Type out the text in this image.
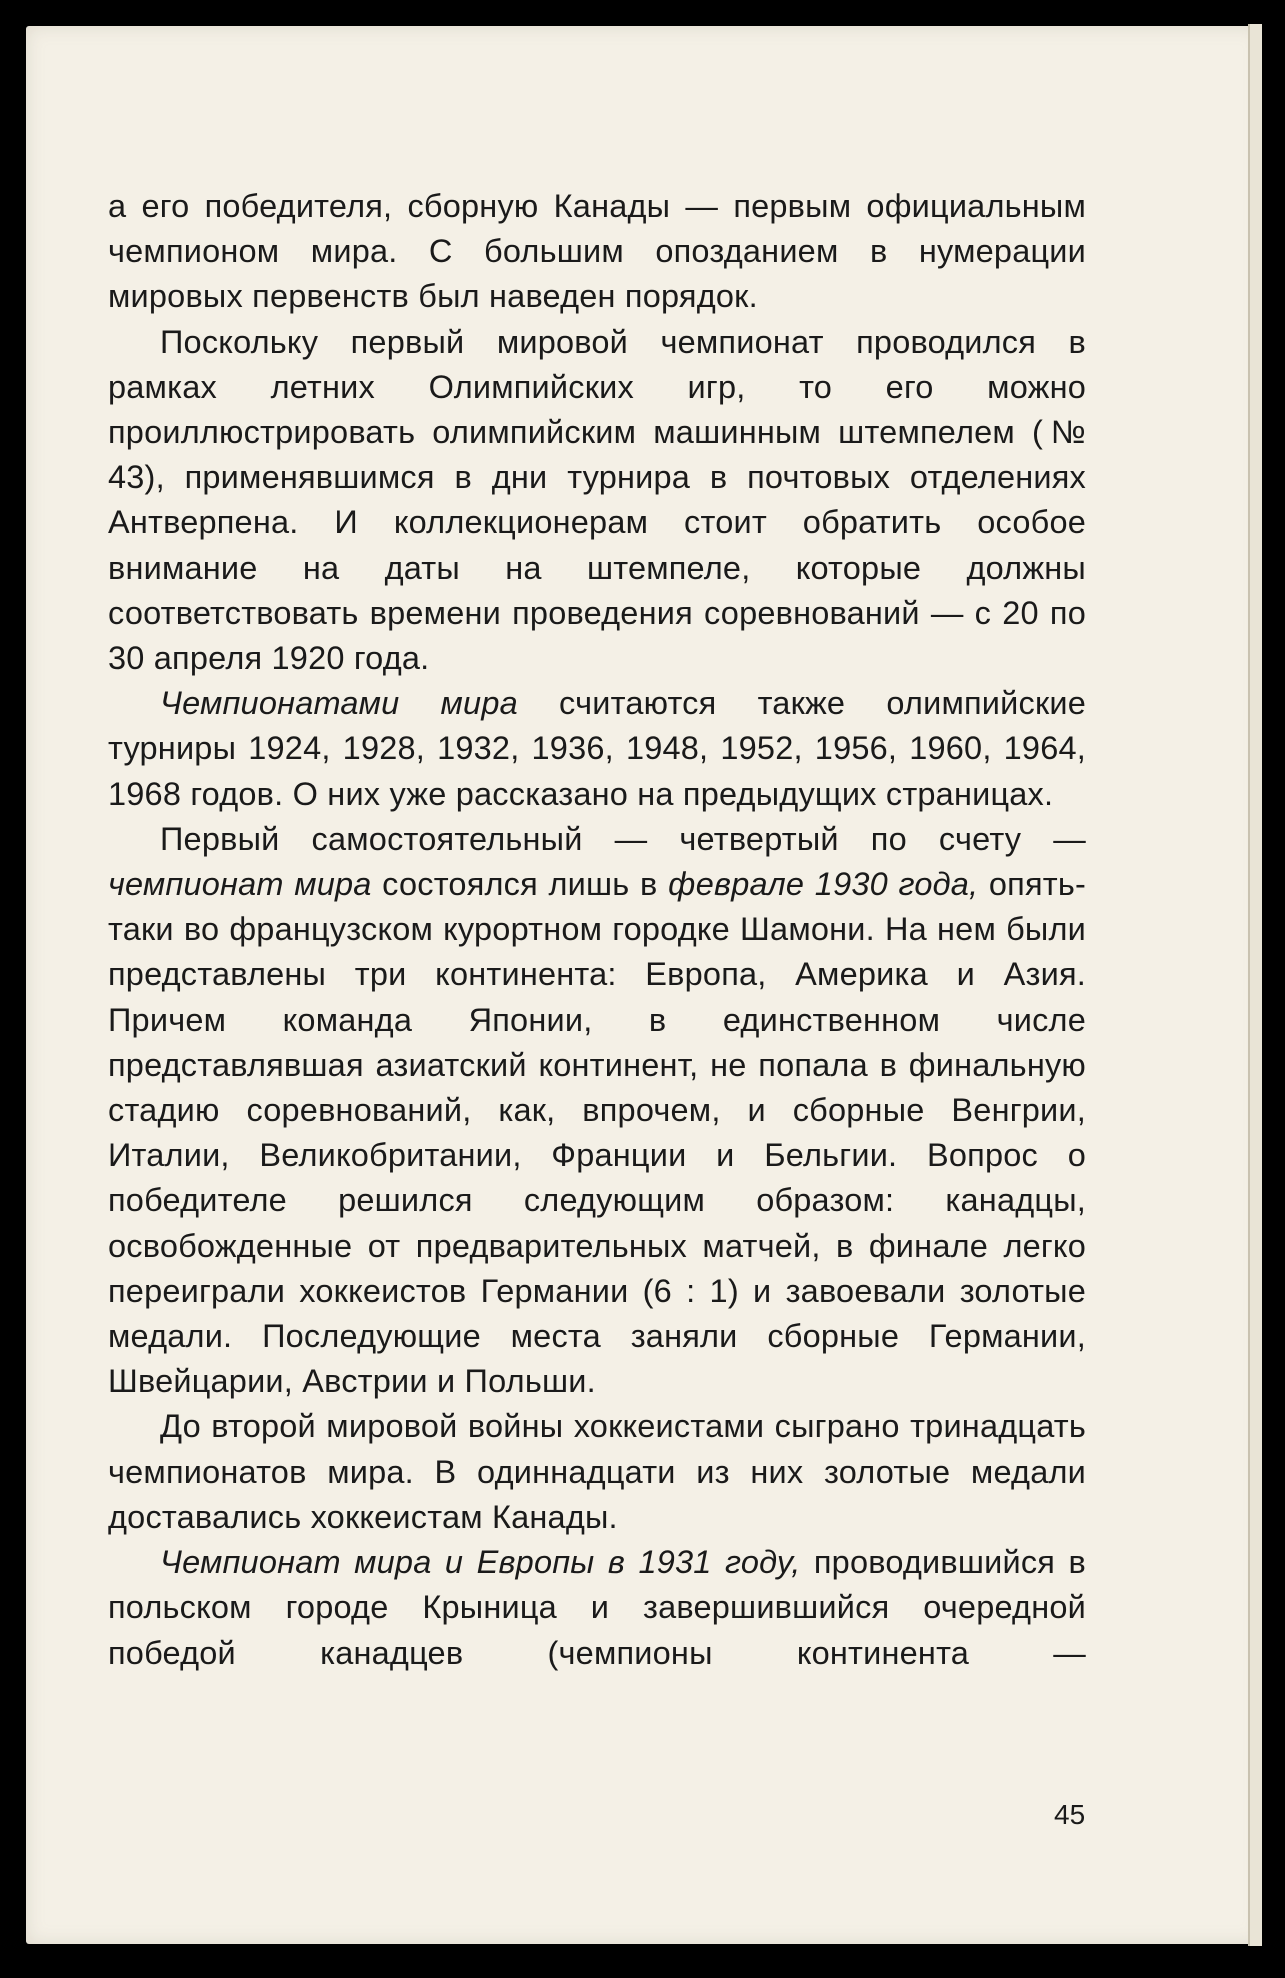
а его победителя, сборную Канады — первым официальным чемпионом мира. С большим опозданием в нумерации мировых первенств был наведен порядок.

Поскольку первый мировой чемпионат проводился в рамках летних Олимпийских игр, то его можно проиллюстрировать олимпийским машинным штемпелем (№ 43), применявшимся в дни турнира в почтовых отделениях Антверпена. И коллекционерам стоит обратить особое внимание на даты на штемпеле, которые должны соответствовать времени проведения соревнований — с 20 по 30 апреля 1920 года.

Чемпионатами мира считаются также олимпийские турниры 1924, 1928, 1932, 1936, 1948, 1952, 1956, 1960, 1964, 1968 годов. О них уже рассказано на предыдущих страницах.

Первый самостоятельный — четвертый по счету — чемпионат мира состоялся лишь в феврале 1930 года, опять-таки во французском курортном городке Шамони. На нем были представлены три континента: Европа, Америка и Азия. Причем команда Японии, в единственном числе представлявшая азиатский континент, не попала в финальную стадию соревнований, как, впрочем, и сборные Венгрии, Италии, Великобритании, Франции и Бельгии. Вопрос о победителе решился следующим образом: канадцы, освобожденные от предварительных матчей, в финале легко переиграли хоккеистов Германии (6 : 1) и завоевали золотые медали. Последующие места заняли сборные Германии, Швейцарии, Австрии и Польши.

До второй мировой войны хоккеистами сыграно тринадцать чемпионатов мира. В одиннадцати из них золотые медали доставались хоккеистам Канады.

Чемпионат мира и Европы в 1931 году, проводившийся в польском городе Крыница и завершившийся очередной победой канадцев (чемпионы континента —

45
